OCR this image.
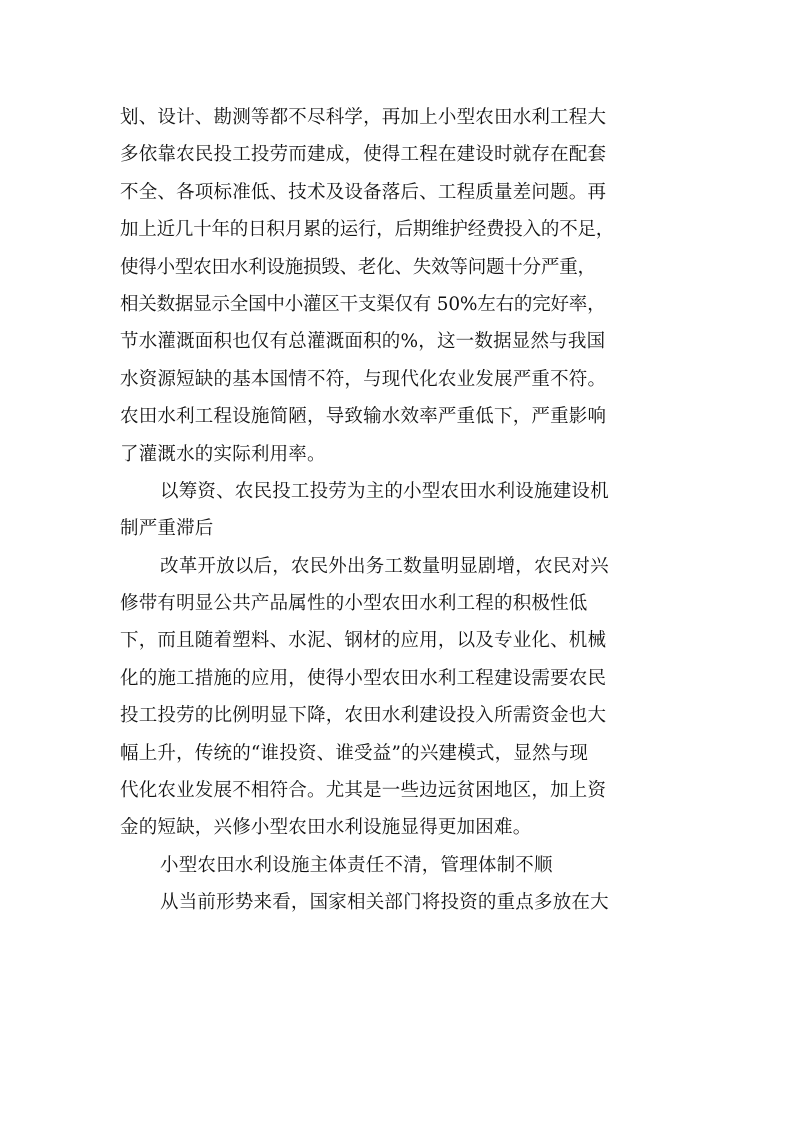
划、设计、勘测等都不尽科学，再加上小型农田水利工程大
多依靠农民投工投劳而建成，使得工程在建设时就存在配套
不全、各项标准低、技术及设备落后、工程质量差问题。再
加上近几十年的日积月累的运行，后期维护经费投入的不足，
使得小型农田水利设施损毁、老化、失效等问题十分严重，
相关数据显示全国中小灌区干支渠仅有 50%左右的完好率，
节水灌溉面积也仅有总灌溉面积的%，这一数据显然与我国
水资源短缺的基本国情不符，与现代化农业发展严重不符。
农田水利工程设施简陋，导致输水效率严重低下，严重影响
了灌溉水的实际利用率。
以筹资、农民投工投劳为主的小型农田水利设施建设机
制严重滞后
改革开放以后，农民外出务工数量明显剧增，农民对兴
修带有明显公共产品属性的小型农田水利工程的积极性低
下，而且随着塑料、水泥、钢材的应用，以及专业化、机械
化的施工措施的应用，使得小型农田水利工程建设需要农民
投工投劳的比例明显下降，农田水利建设投入所需资金也大
幅上升，传统的“谁投资、谁受益”的兴建模式，显然与现
代化农业发展不相符合。尤其是一些边远贫困地区，加上资
金的短缺，兴修小型农田水利设施显得更加困难。
小型农田水利设施主体责任不清，管理体制不顺
从当前形势来看，国家相关部门将投资的重点多放在大
